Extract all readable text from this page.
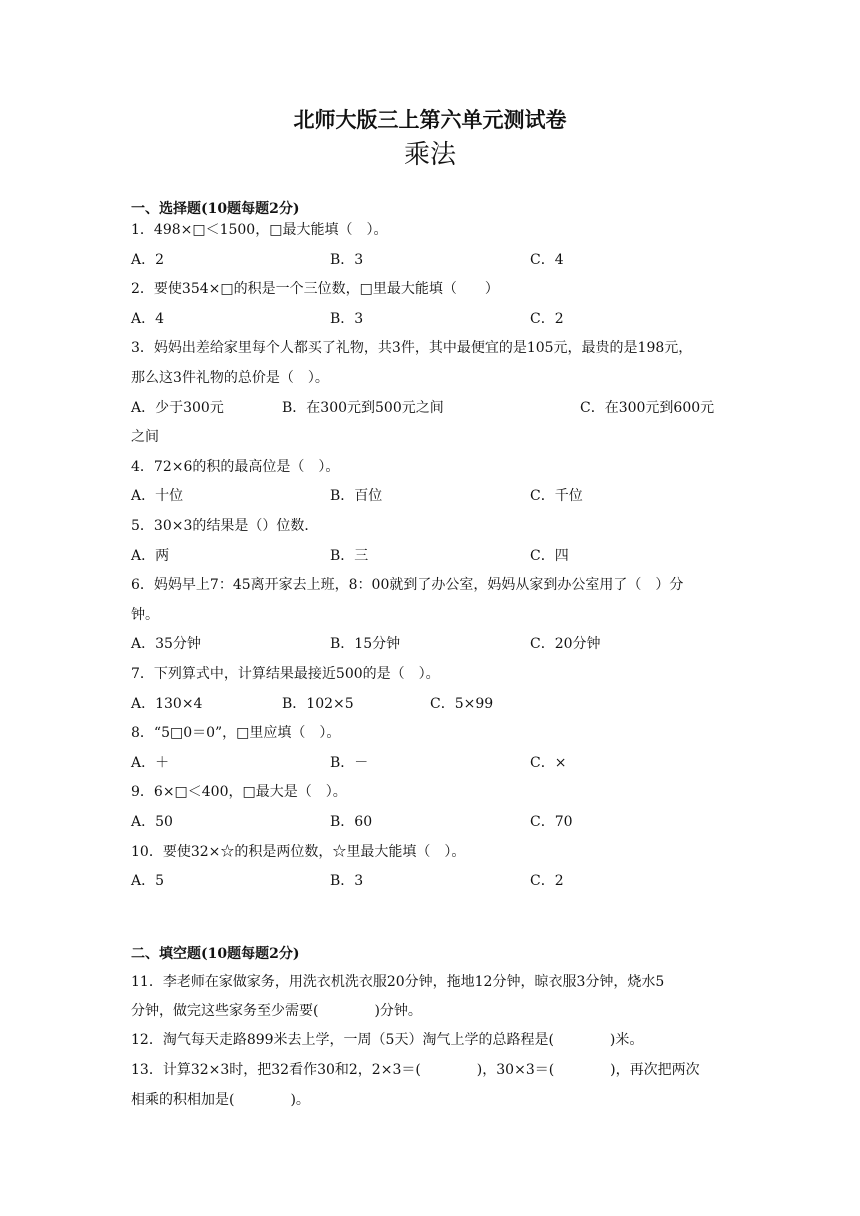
北师大版三上第六单元测试卷
乘法
一、选择题(10题每题2分)
1．498×□＜1500，□最大能填（　）。
A．2	B．3	C．4
2．要使354×□的积是一个三位数，□里最大能填（　　）
A．4	B．3	C．2
3．妈妈出差给家里每个人都买了礼物，共3件，其中最便宜的是105元，最贵的是198元，
那么这3件礼物的总价是（　）。
A．少于300元	B．在300元到500元之间	C．在300元到600元
之间
4．72×6的积的最高位是（　）。
A．十位	B．百位	C．千位
5．30×3的结果是（）位数．
A．两	B．三	C．四
6．妈妈早上7：45离开家去上班，8：00就到了办公室，妈妈从家到办公室用了（　）分
钟。
A．35分钟	B．15分钟	C．20分钟
7．下列算式中，计算结果最接近500的是（　）。
A．130×4	B．102×5	C．5×99
8．“5□0＝0”，□里应填（　）。
A．＋	B．－	C．×
9．6×□＜400，□最大是（　）。
A．50	B．60	C．70
10．要使32×☆的积是两位数，☆里最大能填（　）。
A．5	B．3	C．2
二、填空题(10题每题2分)
11．李老师在家做家务，用洗衣机洗衣服20分钟，拖地12分钟，晾衣服3分钟，烧水5
分钟，做完这些家务至少需要(　　　　)分钟。
12．淘气每天走路899米去上学，一周（5天）淘气上学的总路程是(　　　　)米。
13．计算32×3时，把32看作30和2，2×3＝(　　　　)，30×3＝(　　　　)，再次把两次
相乘的积相加是(　　　　)。
